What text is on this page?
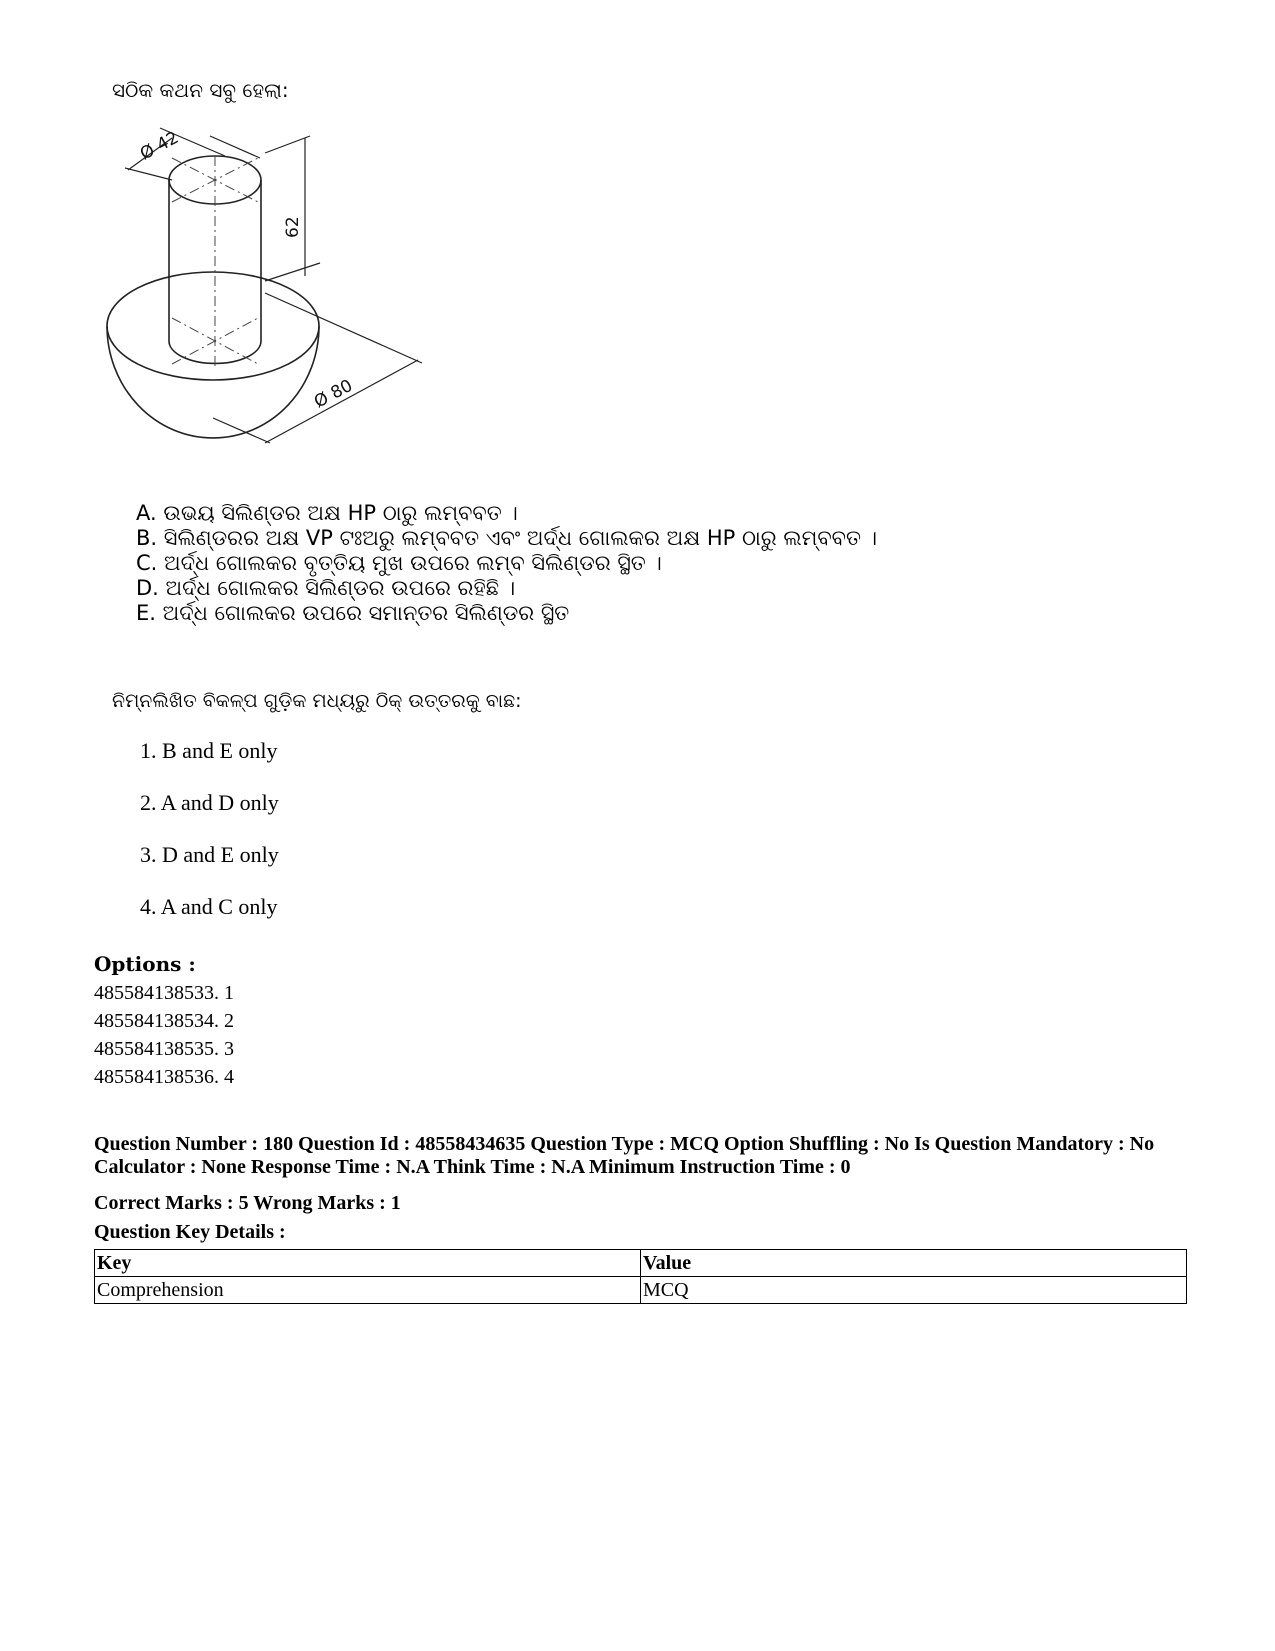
ସଠିକ କଥନ ସବୁ ହେଲା:
Ø 42
62
Ø 80
A. ଉଭୟ ସିଲିଣ୍ଡର ଅକ୍ଷ HP ଠାରୁ ଲମ୍ବବତ ।
B. ସିଲିଣ୍ଡରର ଅକ୍ଷ VP ଟଃଅରୁ ଲମ୍ବବତ ଏବଂ ଅର୍ଦ୍ଧ ଗୋଲକର ଅକ୍ଷ HP ଠାରୁ ଲମ୍ବବତ ।
C. ଅର୍ଦ୍ଧ ଗୋଲକର ବୃତ୍ତିୟ ମୁଖ ଉପରେ ଲମ୍ବ ସିଲିଣ୍ଡର ସ୍ଥିତ ।
D. ଅର୍ଦ୍ଧ ଗୋଲକର ସିଲିଣ୍ଡର ଉପରେ ରହିଛି ।
E. ଅର୍ଦ୍ଧ ଗୋଲକର ଉପରେ ସମାନ୍ତର ସିଲିଣ୍ଡର ସ୍ଥିତ
ନିମ୍ନଲିଖିତ ବିକଳ୍ପ ଗୁଡ଼ିକ ମଧ୍ୟରୁ ଠିକ୍ ଉତ୍ତରକୁ ବାଛ:
1. B and E only
2. A and D only
3. D and E only
4. A and C only
Options :
485584138533. 1
485584138534. 2
485584138535. 3
485584138536. 4
Question Number : 180 Question Id : 48558434635 Question Type : MCQ Option Shuffling : No Is Question Mandatory : No Calculator : None Response Time : N.A Think Time : N.A Minimum Instruction Time : 0
Correct Marks : 5 Wrong Marks : 1
Question Key Details :
Key	Value
Comprehension	MCQ
